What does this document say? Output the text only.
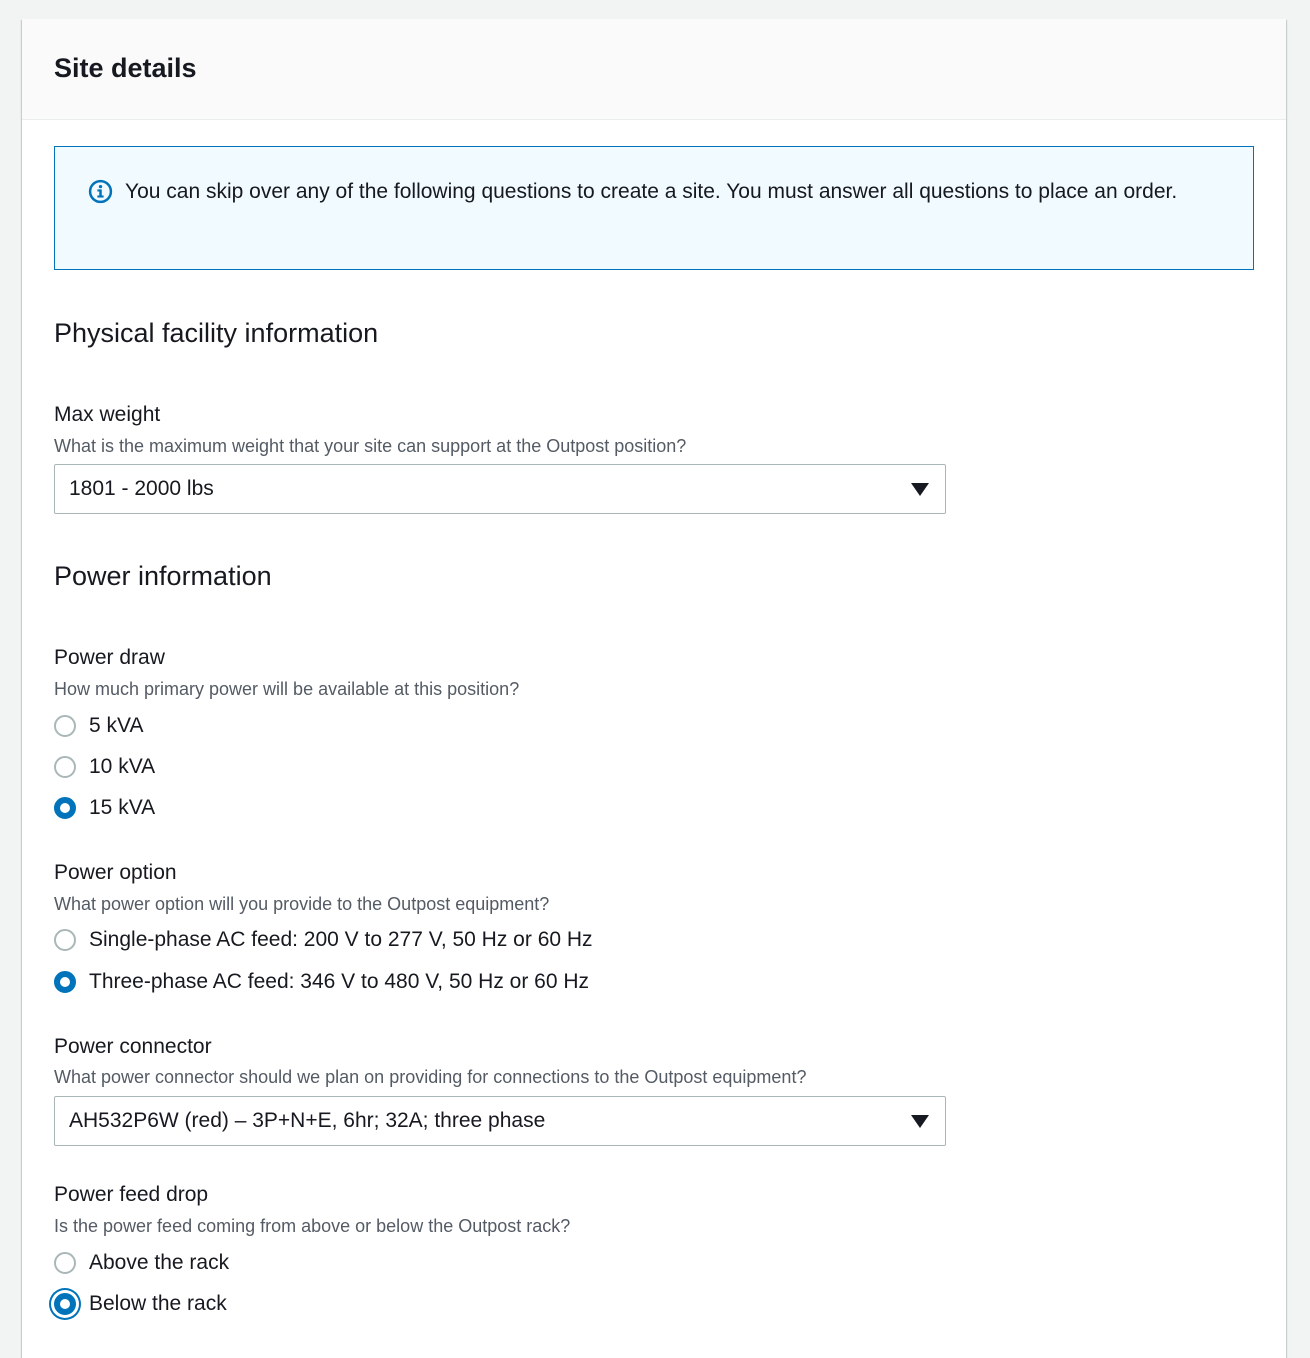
Site details
You can skip over any of the following questions to create a site. You must answer all questions to place an order.
Physical facility information
Max weight
What is the maximum weight that your site can support at the Outpost position?
1801 - 2000 lbs
Power information
Power draw
How much primary power will be available at this position?
5 kVA
10 kVA
15 kVA
Power option
What power option will you provide to the Outpost equipment?
Single-phase AC feed: 200 V to 277 V, 50 Hz or 60 Hz
Three-phase AC feed: 346 V to 480 V, 50 Hz or 60 Hz
Power connector
What power connector should we plan on providing for connections to the Outpost equipment?
AH532P6W (red) – 3P+N+E, 6hr; 32A; three phase
Power feed drop
Is the power feed coming from above or below the Outpost rack?
Above the rack
Below the rack
